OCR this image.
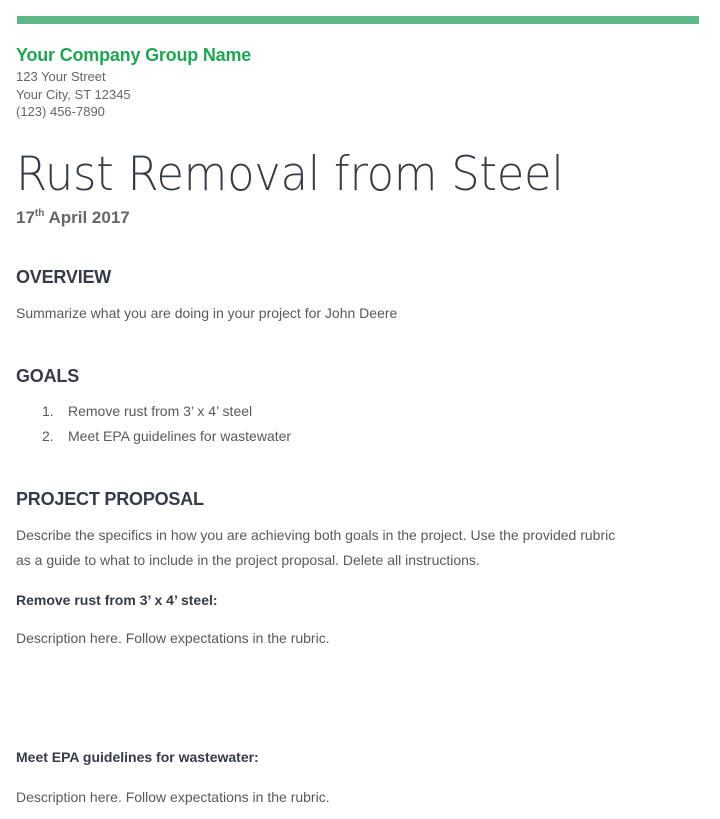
Your Company Group Name
123 Your Street
Your City, ST 12345
(123) 456-7890
Rust Removal from Steel
17th April 2017
OVERVIEW
Summarize what you are doing in your project for John Deere
GOALS
1. Remove rust from 3’ x 4’ steel
2. Meet EPA guidelines for wastewater
PROJECT PROPOSAL
Describe the specifics in how you are achieving both goals in the project. Use the provided rubric
as a guide to what to include in the project proposal. Delete all instructions.
Remove rust from 3’ x 4’ steel:
Description here. Follow expectations in the rubric.
Meet EPA guidelines for wastewater:
Description here. Follow expectations in the rubric.
